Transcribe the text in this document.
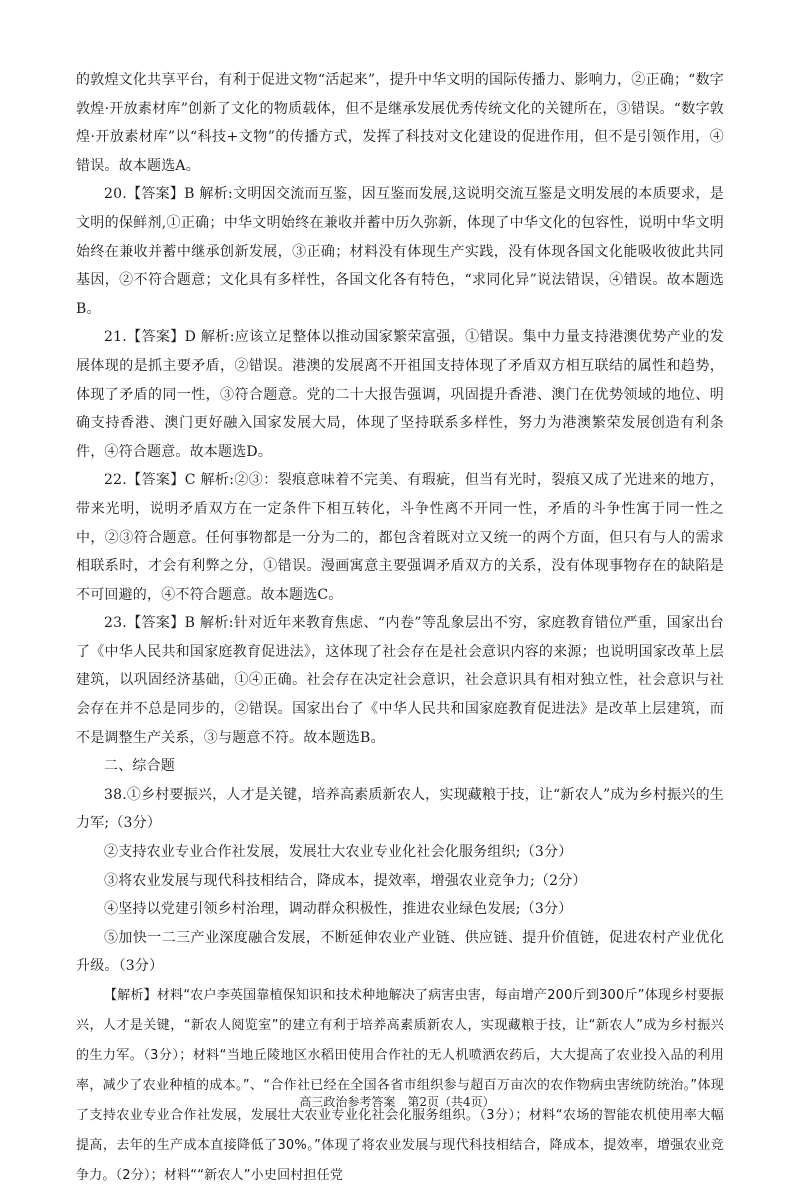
的敦煌文化共享平台，有利于促进文物“活起来”，提升中华文明的国际传播力、影响力，②正确；“数字敦煌·开放素材库”创新了文化的物质载体，但不是继承发展优秀传统文化的关键所在，③错误。“数字敦煌·开放素材库”以“科技+文物”的传播方式，发挥了科技对文化建设的促进作用，但不是引领作用，④错误。故本题选A。

20.【答案】B 解析:文明因交流而互鉴，因互鉴而发展,这说明交流互鉴是文明发展的本质要求，是文明的保鲜剂,①正确；中华文明始终在兼收并蓄中历久弥新，体现了中华文化的包容性，说明中华文明始终在兼收并蓄中继承创新发展，③正确；材料没有体现生产实践，没有体现各国文化能吸收彼此共同基因，②不符合题意；文化具有多样性，各国文化各有特色，“求同化异”说法错误，④错误。故本题选B。

21.【答案】D 解析:应该立足整体以推动国家繁荣富强，①错误。集中力量支持港澳优势产业的发展体现的是抓主要矛盾，②错误。港澳的发展离不开祖国支持体现了矛盾双方相互联结的属性和趋势，体现了矛盾的同一性，③符合题意。党的二十大报告强调，巩固提升香港、澳门在优势领域的地位、明确支持香港、澳门更好融入国家发展大局，体现了坚持联系多样性，努力为港澳繁荣发展创造有利条件，④符合题意。故本题选D。

22.【答案】C 解析:②③：裂痕意味着不完美、有瑕疵，但当有光时，裂痕又成了光进来的地方，带来光明，说明矛盾双方在一定条件下相互转化，斗争性离不开同一性，矛盾的斗争性寓于同一性之中，②③符合题意。任何事物都是一分为二的，都包含着既对立又统一的两个方面，但只有与人的需求相联系时，才会有利弊之分，①错误。漫画寓意主要强调矛盾双方的关系，没有体现事物存在的缺陷是不可回避的，④不符合题意。故本题选C。

23.【答案】B 解析:针对近年来教育焦虑、“内卷”等乱象层出不穷，家庭教育错位严重，国家出台了《中华人民共和国家庭教育促进法》，这体现了社会存在是社会意识内容的来源；也说明国家改革上层建筑，以巩固经济基础，①④正确。社会存在决定社会意识，社会意识具有相对独立性，社会意识与社会存在并不总是同步的，②错误。国家出台了《中华人民共和国家庭教育促进法》是改革上层建筑，而不是调整生产关系，③与题意不符。故本题选B。

二、综合题

38.①乡村要振兴，人才是关键，培养高素质新农人，实现藏粮于技，让“新农人”成为乡村振兴的生力军;（3分）

②支持农业专业合作社发展，发展壮大农业专业化社会化服务组织;（3分）

③将农业发展与现代科技相结合，降成本，提效率，增强农业竞争力;（2分）

④坚持以党建引领乡村治理，调动群众积极性，推进农业绿色发展;（3分）

⑤加快一二三产业深度融合发展，不断延伸农业产业链、供应链、提升价值链，促进农村产业优化升级。（3分）

【解析】材料“农户李英国靠植保知识和技术种地解决了病害虫害，每亩增产200斤到300斤”体现乡村要振兴，人才是关键，“新农人阅览室”的建立有利于培养高素质新农人，实现藏粮于技，让“新农人”成为乡村振兴的生力军。（3分）；材料“当地丘陵地区水稻田使用合作社的无人机喷洒农药后，大大提高了农业投入品的利用率，减少了农业种植的成本。”、“合作社已经在全国各省市组织参与超百万亩次的农作物病虫害统防统治。”体现了支持农业专业合作社发展，发展壮大农业专业化社会化服务组织。（3分）；材料“农场的智能农机使用率大幅提高，去年的生产成本直接降低了30%。”体现了将农业发展与现代科技相结合，降成本，提效率，增强农业竞争力。（2分）；材料““新农人”小史回村担任党

高三政治参考答案　第2页（共4页）
